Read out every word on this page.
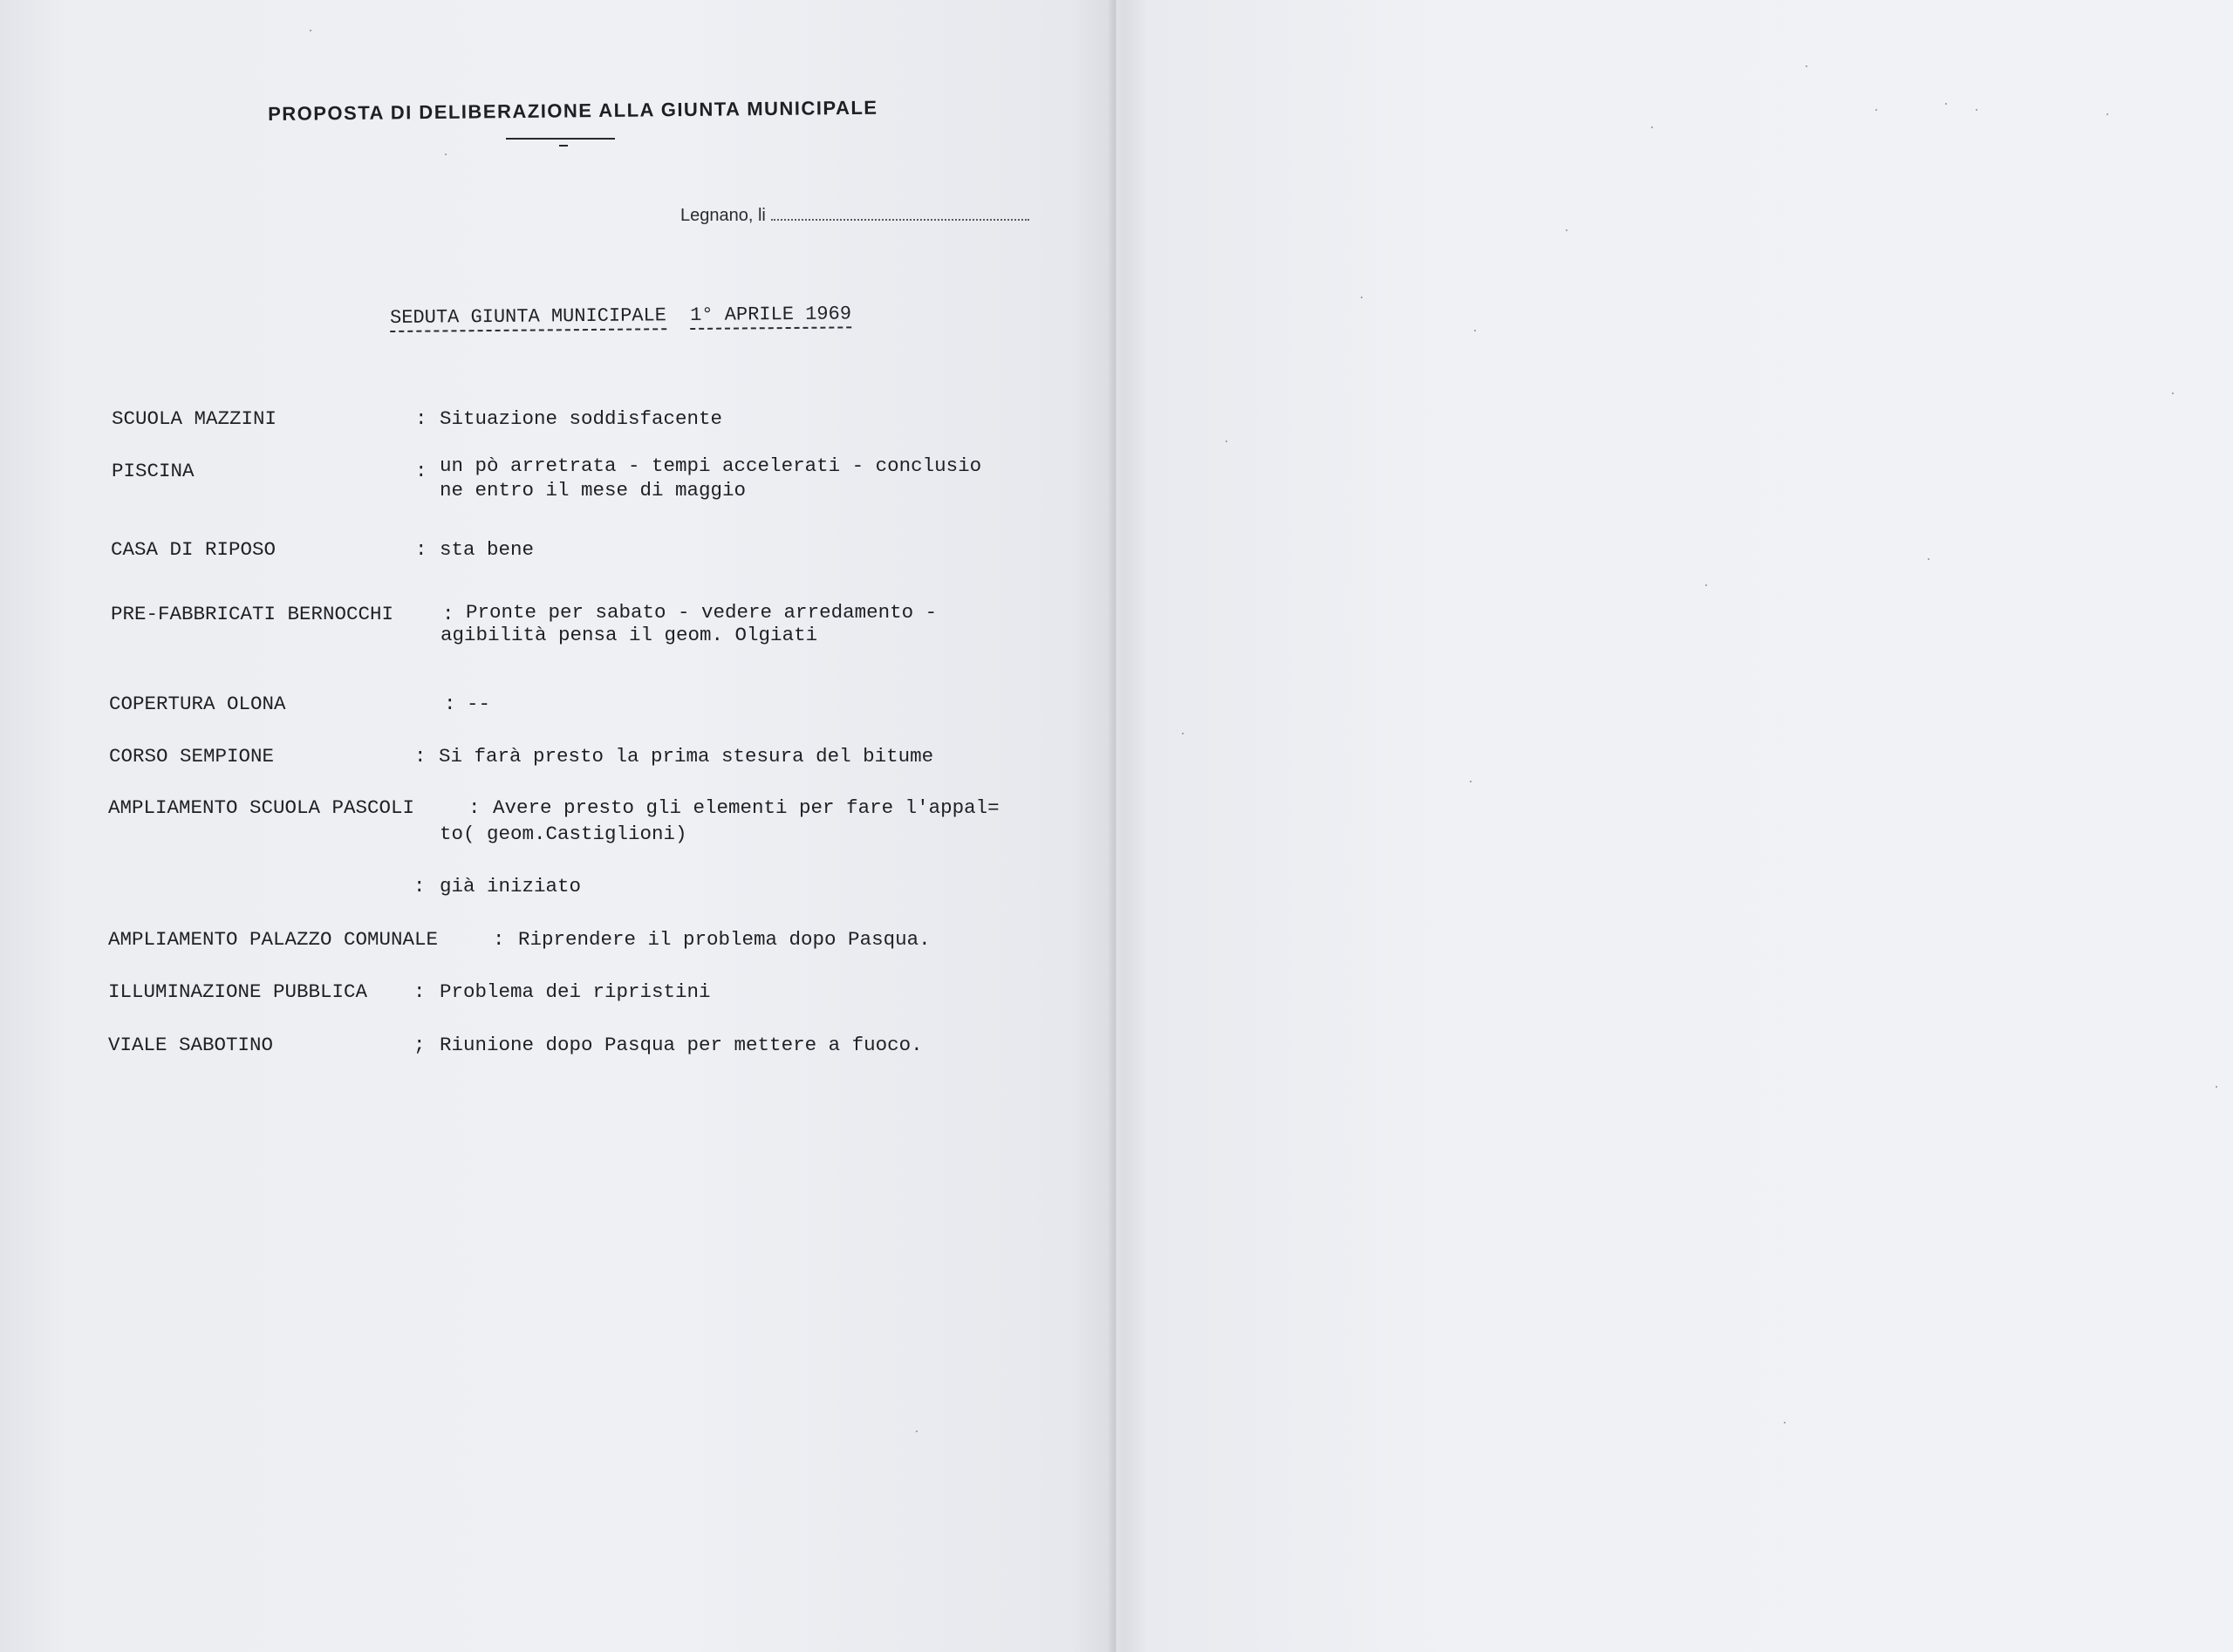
PROPOSTA DI DELIBERAZIONE ALLA GIUNTA MUNICIPALE
Legnano, li
SEDUTA GIUNTA MUNICIPALE 1° APRILE 1969
SCUOLA MAZZINI	: Situazione soddisfacente
PISCINA	: un pò arretrata - tempi accelerati - conclusio
ne entro il mese di maggio
CASA DI RIPOSO	: sta bene
PRE-FABBRICATI BERNOCCHI : Pronte per sabato - vedere arredamento -
agibilità pensa il geom. Olgiati
COPERTURA OLONA	: --
CORSO SEMPIONE	: Si farà presto la prima stesura del bitume
AMPLIAMENTO SCUOLA PASCOLI	: Avere presto gli elementi per fare l'appal=
to( geom.Castiglioni)
: già iniziato
AMPLIAMENTO PALAZZO COMUNALE	: Riprendere il problema dopo Pasqua.
ILLUMINAZIONE PUBBLICA : Problema dei ripristini
VIALE SABOTINO	; Riunione dopo Pasqua per mettere a fuoco.
